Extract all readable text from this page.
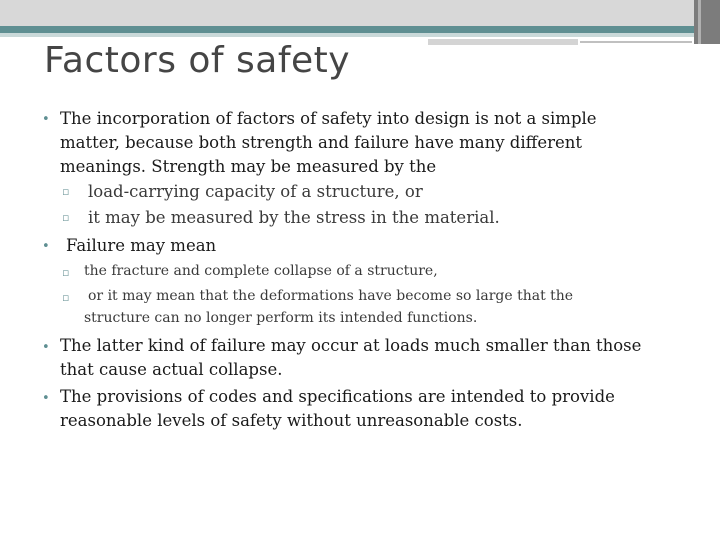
Factors of safety
• The incorporation of factors of safety into design is not a simple
matter, because both strength and failure have many different
meanings. Strength may be measured by the
▫ load-carrying capacity of a structure, or
▫ it may be measured by the stress in the material.
• Failure may mean
▫ the fracture and complete collapse of a structure,
▫ or it may mean that the deformations have become so large that the
structure can no longer perform its intended functions.
• The latter kind of failure may occur at loads much smaller than those
that cause actual collapse.
• The provisions of codes and specifications are intended to provide
reasonable levels of safety without unreasonable costs.
